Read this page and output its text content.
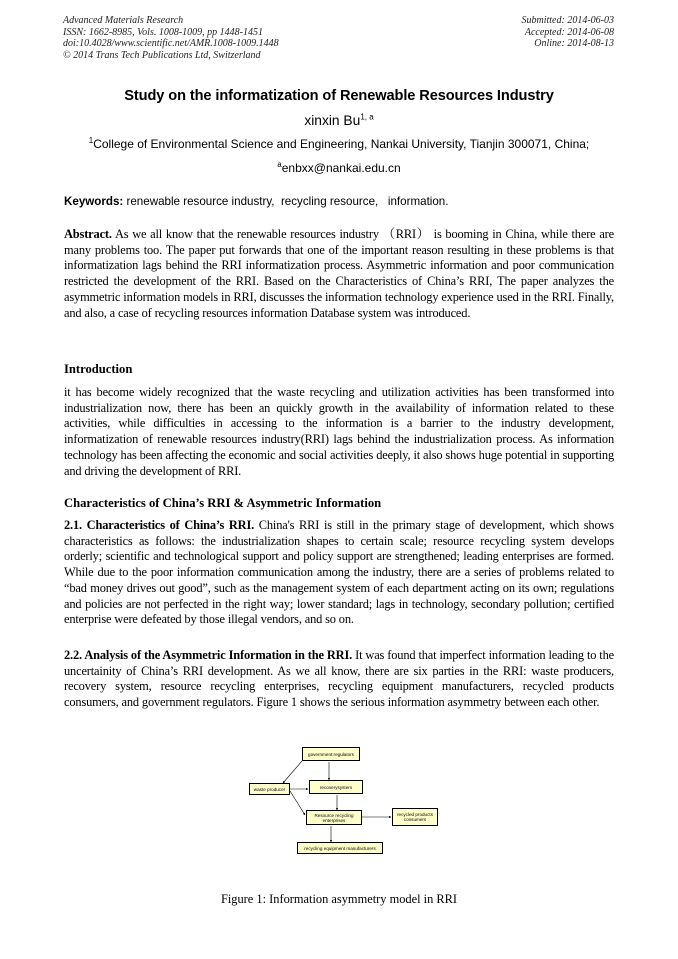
Advanced Materials Research
ISSN: 1662-8985, Vols. 1008-1009, pp 1448-1451
doi:10.4028/www.scientific.net/AMR.1008-1009.1448
© 2014 Trans Tech Publications Ltd, Switzerland
Submitted: 2014-06-03
Accepted: 2014-06-08
Online: 2014-08-13
Study on the informatization of Renewable Resources Industry
xinxin Bu$^{1, a}$
$^1$College of Environmental Science and Engineering, Nankai University, Tianjin 300071, China;
$^a$enbxx@nankai.edu.cn
Keywords: renewable resource industry,  recycling resource,   information.
Abstract. As we all know that the renewable resources industry （RRI） is booming in China, while there are many problems too. The paper put forwards that one of the important reason resulting in these problems is that informatization lags behind the RRI informatization process. Asymmetric information and poor communication restricted the development of the RRI. Based on the Characteristics of China’s RRI, The paper analyzes the asymmetric information models in RRI, discusses the information technology experience used in the RRI. Finally, and also, a case of recycling resources information Database system was introduced.
Introduction
it has become widely recognized that the waste recycling and utilization activities has been transformed into industrialization now, there has been an quickly growth in the availability of information related to these activities, while difficulties in accessing to the information is a barrier to the industry development, informatization of renewable resources industry(RRI) lags behind the industrialization process. As information technology has been affecting the economic and social activities deeply, it also shows huge potential in supporting and driving the development of RRI.
Characteristics of China’s RRI & Asymmetric Information
2.1. Characteristics of China’s RRI. China's RRI is still in the primary stage of development, which shows characteristics as follows: the industrialization shapes to certain scale; resource recycling system develops orderly; scientific and technological support and policy support are strengthened; leading enterprises are formed. While due to the poor information communication among the industry, there are a series of problems related to “bad money drives out good”, such as the management system of each department acting on its own; regulations and policies are not perfected in the right way; lower standard; lags in technology, secondary pollution; certified enterprise were defeated by those illegal vendors, and so on.
2.2. Analysis of the Asymmetric Information in the RRI. It was found that imperfect information leading to the uncertainity of China’s RRI development. As we all know, there are six parties in the RRI: waste producers, recovery system, resource recycling enterprises, recycling equipment manufacturers, recycled products consumers, and government regulators. Figure 1 shows the serious information asymmetry between each other.
government regulators
recoverysystem
waste producer
Resource recycling enterprises
recycled products consumers
recycling equipment manufacturers
Figure 1: Information asymmetry model in RRI
